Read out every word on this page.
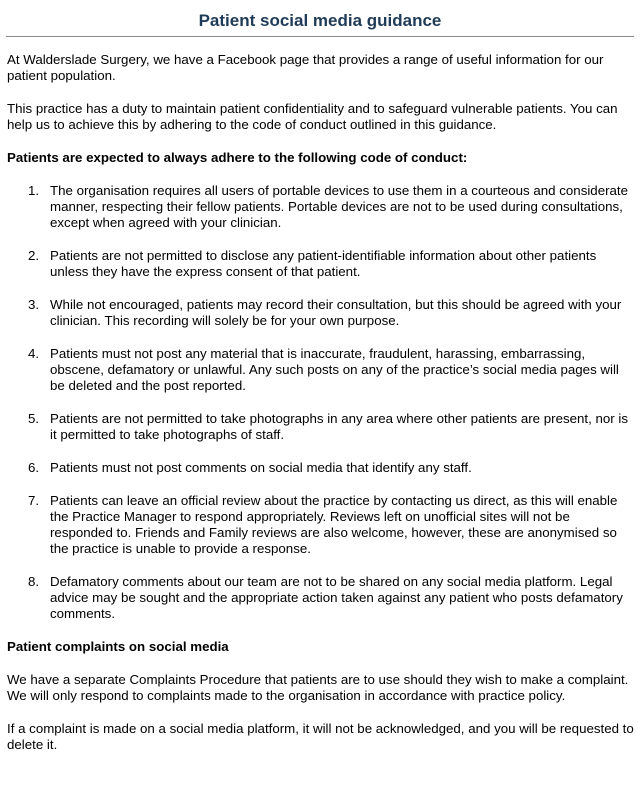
Patient social media guidance

At Walderslade Surgery, we have a Facebook page that provides a range of useful information for our patient population.

This practice has a duty to maintain patient confidentiality and to safeguard vulnerable patients. You can help us to achieve this by adhering to the code of conduct outlined in this guidance.

Patients are expected to always adhere to the following code of conduct:

1. The organisation requires all users of portable devices to use them in a courteous and considerate manner, respecting their fellow patients. Portable devices are not to be used during consultations, except when agreed with your clinician.
2. Patients are not permitted to disclose any patient-identifiable information about other patients unless they have the express consent of that patient.
3. While not encouraged, patients may record their consultation, but this should be agreed with your clinician. This recording will solely be for your own purpose.
4. Patients must not post any material that is inaccurate, fraudulent, harassing, embarrassing, obscene, defamatory or unlawful. Any such posts on any of the practice’s social media pages will be deleted and the post reported.
5. Patients are not permitted to take photographs in any area where other patients are present, nor is it permitted to take photographs of staff.
6. Patients must not post comments on social media that identify any staff.
7. Patients can leave an official review about the practice by contacting us direct, as this will enable the Practice Manager to respond appropriately. Reviews left on unofficial sites will not be responded to. Friends and Family reviews are also welcome, however, these are anonymised so the practice is unable to provide a response.
8. Defamatory comments about our team are not to be shared on any social media platform. Legal advice may be sought and the appropriate action taken against any patient who posts defamatory comments.

Patient complaints on social media

We have a separate Complaints Procedure that patients are to use should they wish to make a complaint. We will only respond to complaints made to the organisation in accordance with practice policy.

If a complaint is made on a social media platform, it will not be acknowledged, and you will be requested to delete it.
